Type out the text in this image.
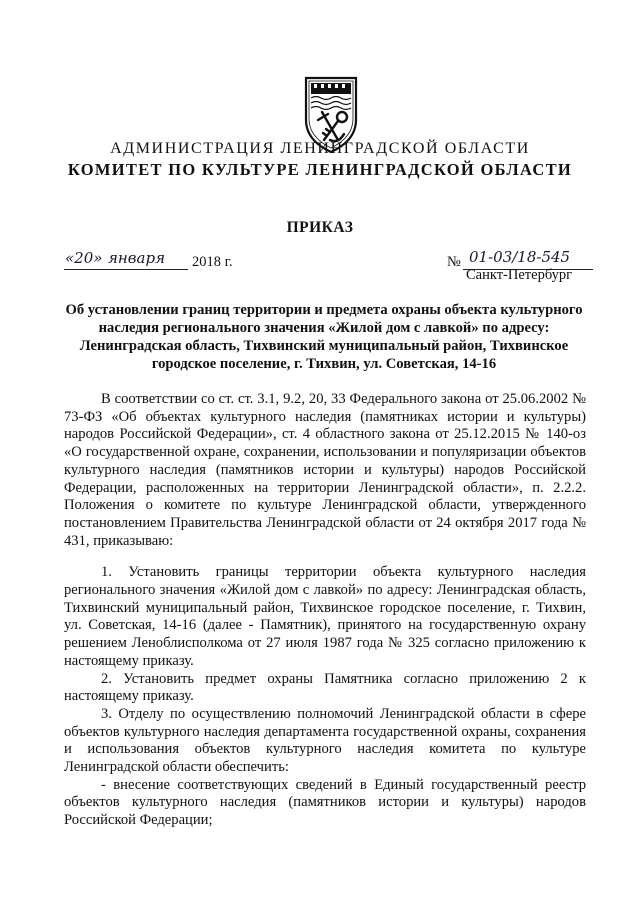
АДМИНИСТРАЦИЯ ЛЕНИНГРАДСКОЙ ОБЛАСТИ
КОМИТЕТ ПО КУЛЬТУРЕ ЛЕНИНГРАДСКОЙ ОБЛАСТИ
ПРИКАЗ
«20» января 2018 г.	№ 01-03/18-545
Санкт-Петербург
Об установлении границ территории и предмета охраны объекта культурного наследия регионального значения «Жилой дом с лавкой» по адресу: Ленинградская область, Тихвинский муниципальный район, Тихвинское городское поселение, г. Тихвин, ул. Советская, 14-16

В соответствии со ст. ст. 3.1, 9.2, 20, 33 Федерального закона от 25.06.2002 № 73-ФЗ «Об объектах культурного наследия (памятниках истории и культуры) народов Российской Федерации», ст. 4 областного закона от 25.12.2015 № 140-оз «О государственной охране, сохранении, использовании и популяризации объектов культурного наследия (памятников истории и культуры) народов Российской Федерации, расположенных на территории Ленинградской области», п. 2.2.2. Положения о комитете по культуре Ленинградской области, утвержденного постановлением Правительства Ленинградской области от 24 октября 2017 года № 431, приказываю:

1. Установить границы территории объекта культурного наследия регионального значения «Жилой дом с лавкой» по адресу: Ленинградская область, Тихвинский муниципальный район, Тихвинское городское поселение, г. Тихвин, ул. Советская, 14-16 (далее - Памятник), принятого на государственную охрану решением Леноблисполкома от 27 июля 1987 года № 325 согласно приложению к настоящему приказу.

2. Установить предмет охраны Памятника согласно приложению 2 к настоящему приказу.

3. Отделу по осуществлению полномочий Ленинградской области в сфере объектов культурного наследия департамента государственной охраны, сохранения и использования объектов культурного наследия комитета по культуре Ленинградской области обеспечить:

- внесение соответствующих сведений в Единый государственный реестр объектов культурного наследия (памятников истории и культуры) народов Российской Федерации;
